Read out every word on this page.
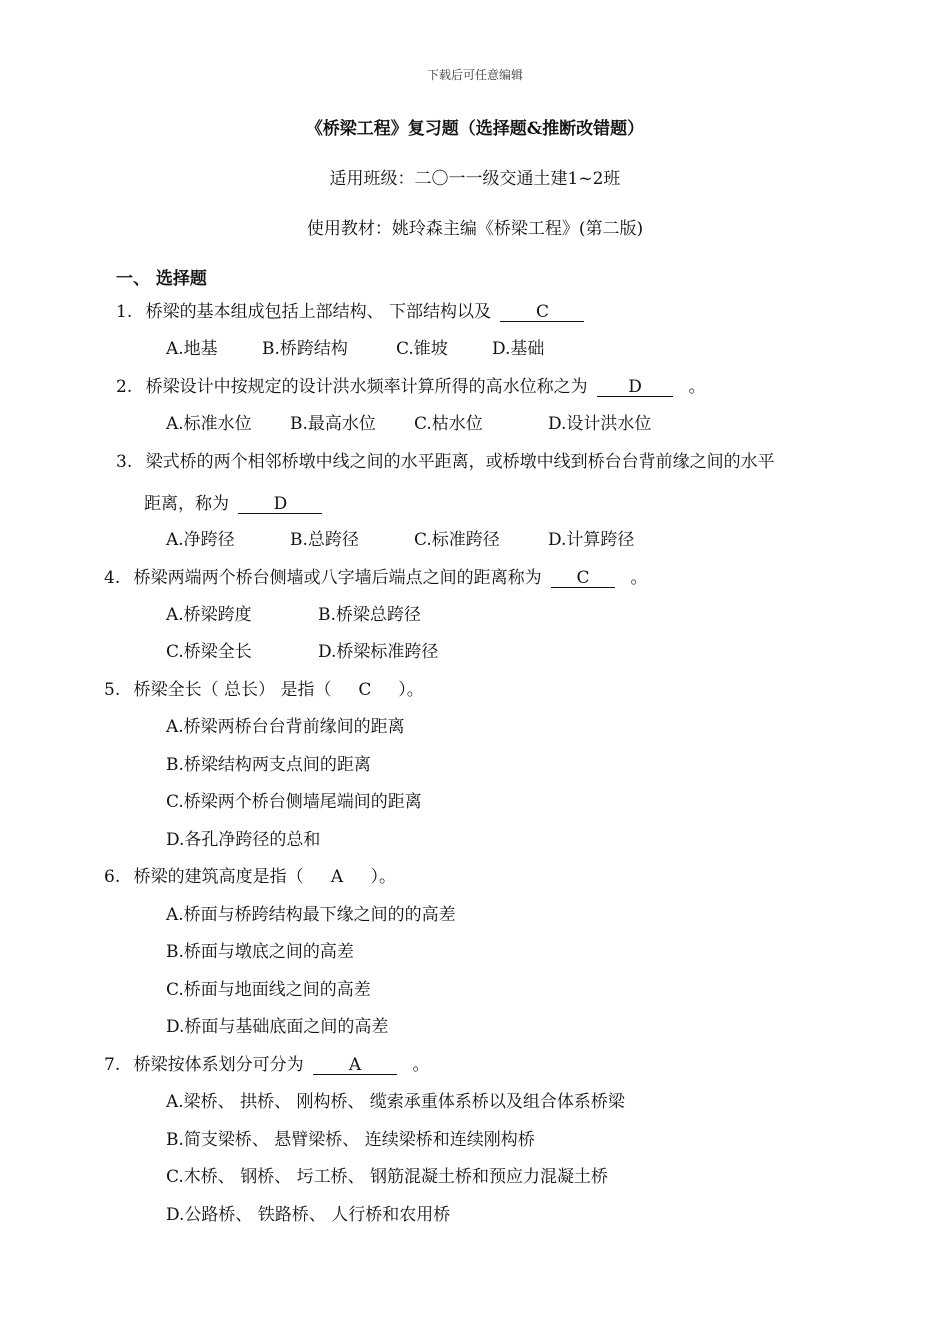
下载后可任意编辑
《桥梁工程》复习题（选择题&推断改错题）
适用班级：二〇一一级交通土建1~2班
使用教材：姚玲森主编《桥梁工程》(第二版)
一、 选择题
1. 桥梁的基本组成包括上部结构、 下部结构以及	C
A.地基	B.桥跨结构	C.锥坡	D.基础
2. 桥梁设计中按规定的设计洪水频率计算所得的高水位称之为 D	。
A.标准水位 B.最高水位 C.枯水位	D.设计洪水位
3. 梁式桥的两个相邻桥墩中线之间的水平距离，或桥墩中线到桥台台背前缘之间的水平
距离，称为	D
A.净跨径	B.总跨径	C.标准跨径	D.计算跨径
4. 桥梁两端两个桥台侧墙或八字墙后端点之间的距离称为 C 。
A.桥梁跨度	B.桥梁总跨径
C.桥梁全长	D.桥梁标准跨径
5. 桥梁全长（ 总长） 是指（ C ）。
A.桥梁两桥台台背前缘间的距离
B.桥梁结构两支点间的距离
C.桥梁两个桥台侧墙尾端间的距离
D.各孔净跨径的总和
6. 桥梁的建筑高度是指（ A ）。
A.桥面与桥跨结构最下缘之间的的高差
B.桥面与墩底之间的高差
C.桥面与地面线之间的高差
D.桥面与基础底面之间的高差
7. 桥梁按体系划分可分为	A	。
A.梁桥、 拱桥、 刚构桥、 缆索承重体系桥以及组合体系桥梁
B.简支梁桥、 悬臂梁桥、 连续梁桥和连续刚构桥
C.木桥、 钢桥、 圬工桥、 钢筋混凝土桥和预应力混凝土桥
D.公路桥、 铁路桥、 人行桥和农用桥
